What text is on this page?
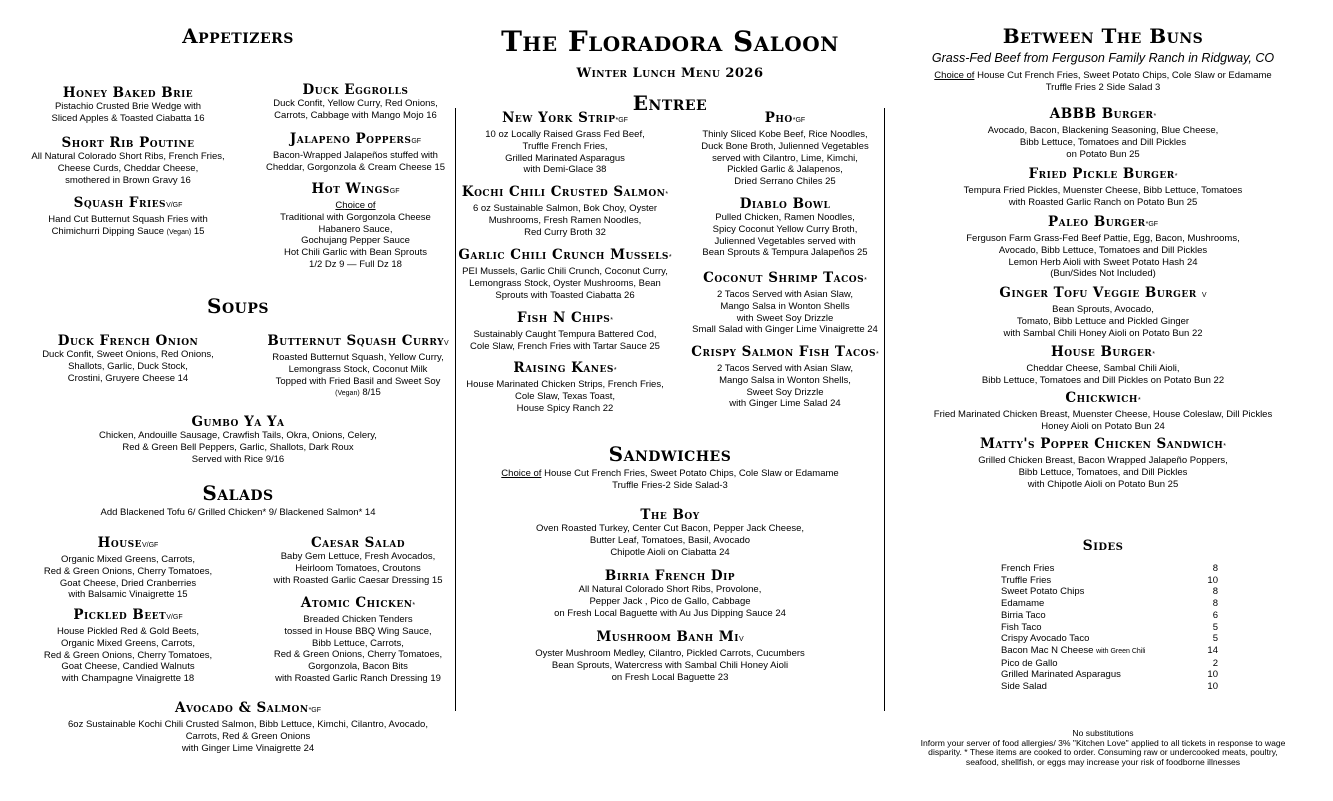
Appetizers

Honey Baked Brie

Pistachio Crusted Brie Wedge with

Sliced Apples & Toasted Ciabatta 16

Duck Eggrolls

Duck Confit, Yellow Curry, Red Onions,

Carrots, Cabbage with Mango Mojo 16

Short Rib Poutine

All Natural Colorado Short Ribs, French Fries,

Cheese Curds, Cheddar Cheese,

smothered in Brown Gravy 16

Jalapeno PoppersGF

Bacon-Wrapped Jalapeños stuffed with

Cheddar, Gorgonzola & Cream Cheese 15

Squash FriesV/GF

Hand Cut Butternut Squash Fries with

Chimichurri Dipping Sauce (Vegan) 15

Hot WingsGF

Choice of

Traditional with Gorgonzola Cheese

Habanero Sauce,

Gochujang Pepper Sauce

Hot Chili Garlic with Bean Sprouts

1/2 Dz 9 — Full Dz 18

Soups

Duck French Onion

Duck Confit, Sweet Onions, Red Onions,

Shallots, Garlic, Duck Stock,

Crostini, Gruyere Cheese 14

Butternut Squash CurryV

Roasted Butternut Squash, Yellow Curry,

Lemongrass Stock, Coconut Milk

Topped with Fried Basil and Sweet Soy

(Vegan) 8/15

Gumbo Ya Ya

Chicken, Andouille Sausage, Crawfish Tails, Okra, Onions, Celery,

Red & Green Bell Peppers, Garlic, Shallots, Dark Roux

Served with Rice 9/16

Salads

Add Blackened Tofu 6/ Grilled Chicken* 9/ Blackened Salmon* 14

HouseV/GF

Organic Mixed Greens, Carrots,

Red & Green Onions, Cherry Tomatoes,

Goat Cheese, Dried Cranberries

with Balsamic Vinaigrette 15

Caesar Salad

Baby Gem Lettuce, Fresh Avocados,

Heirloom Tomatoes, Croutons

with Roasted Garlic Caesar Dressing 15

Pickled BeetV/GF

House Pickled Red & Gold Beets,

Organic Mixed Greens, Carrots,

Red & Green Onions, Cherry Tomatoes,

Goat Cheese, Candied Walnuts

with Champagne Vinaigrette 18

Atomic Chicken*

Breaded Chicken Tenders

tossed in House BBQ Wing Sauce,

Bibb Lettuce, Carrots,

Red & Green Onions, Cherry Tomatoes,

Gorgonzola, Bacon Bits

with Roasted Garlic Ranch Dressing 19

Avocado & Salmon*GF

6oz Sustainable Kochi Chili Crusted Salmon, Bibb Lettuce, Kimchi, Cilantro, Avocado,

Carrots, Red & Green Onions

with Ginger Lime Vinaigrette 24

The Floradora Saloon
Winter Lunch Menu 2026
Entree

New York Strip*GF

10 oz Locally Raised Grass Fed Beef,

Truffle French Fries,

Grilled Marinated Asparagus

with Demi-Glace 38

Pho*GF

Thinly Sliced Kobe Beef, Rice Noodles,

Duck Bone Broth, Julienned Vegetables

served with Cilantro, Lime, Kimchi,

Pickled Garlic & Jalapenos,

Dried Serrano Chiles 25

Kochi Chili Crusted Salmon*

6 oz Sustainable Salmon, Bok Choy, Oyster

Mushrooms, Fresh Ramen Noodles,

Red Curry Broth 32

Diablo Bowl

Pulled Chicken, Ramen Noodles,

Spicy Coconut Yellow Curry Broth,

Julienned Vegetables served with

Bean Sprouts & Tempura Jalapeños 25

Garlic Chili Crunch Mussels*

PEI Mussels, Garlic Chili Crunch, Coconut Curry,

Lemongrass Stock, Oyster Mushrooms, Bean

Sprouts with Toasted Ciabatta 26

Coconut Shrimp Tacos*

2 Tacos Served with Asian Slaw,

Mango Salsa in Wonton Shells

with Sweet Soy Drizzle

Small Salad with Ginger Lime Vinaigrette 24

Fish N Chips*

Sustainably Caught Tempura Battered Cod,

Cole Slaw, French Fries with Tartar Sauce 25	Crispy Salmon Fish Tacos*

2 Tacos Served with Asian Slaw,

Mango Salsa in Wonton Shells,

Sweet Soy Drizzle

with Ginger Lime Salad 24

Raising Kanes*

House Marinated Chicken Strips, French Fries,

Cole Slaw, Texas Toast,

House Spicy Ranch 22

Sandwiches

Choice of House Cut French Fries, Sweet Potato Chips, Cole Slaw or Edamame

Truffle Fries-2 Side Salad-3

The Boy

Oven Roasted Turkey, Center Cut Bacon, Pepper Jack Cheese,

Butter Leaf, Tomatoes, Basil, Avocado

Chipotle Aioli on Ciabatta 24

Birria French Dip

All Natural Colorado Short Ribs, Provolone,

Pepper Jack , Pico de Gallo, Cabbage

on Fresh Local Baguette with Au Jus Dipping Sauce 24

Mushroom Banh MiV

Oyster Mushroom Medley, Cilantro, Pickled Carrots, Cucumbers

Bean Sprouts, Watercress with Sambal Chili Honey Aioli

on Fresh Local Baguette 23

Between The Buns
Grass-Fed Beef from Ferguson Family Ranch in Ridgway, CO

Choice of House Cut French Fries, Sweet Potato Chips, Cole Slaw or Edamame

Truffle Fries 2 Side Salad 3

ABBB Burger*

Avocado, Bacon, Blackening Seasoning, Blue Cheese,

Bibb Lettuce, Tomatoes and Dill Pickles

on Potato Bun 25

Fried Pickle Burger*

Tempura Fried Pickles, Muenster Cheese, Bibb Lettuce, Tomatoes

with Roasted Garlic Ranch on Potato Bun 25

Paleo Burger*GF

Ferguson Farm Grass-Fed Beef Pattie, Egg, Bacon, Mushrooms,

Avocado, Bibb Lettuce, Tomatoes and Dill Pickles

Lemon Herb Aioli with Sweet Potato Hash 24

(Bun/Sides Not Included)

Ginger Tofu Veggie Burger V

Bean Sprouts, Avocado,

Tomato, Bibb Lettuce and Pickled Ginger

with Sambal Chili Honey Aioli on Potato Bun 22

House Burger*

Cheddar Cheese, Sambal Chili Aioli,

Bibb Lettuce, Tomatoes and Dill Pickles on Potato Bun 22

Chickwich*

Fried Marinated Chicken Breast, Muenster Cheese, House Coleslaw, Dill Pickles

Honey Aioli on Potato Bun 24

Matty's Popper Chicken Sandwich*

Grilled Chicken Breast, Bacon Wrapped Jalapeño Poppers,

Bibb Lettuce, Tomatoes, and Dill Pickles

with Chipotle Aioli on Potato Bun 25

Sides
French Fries	8
Truffle Fries	10
Sweet Potato Chips	8
Edamame	8
Birria Taco	6
Fish Taco	5
Crispy Avocado Taco	5
Bacon Mac N Cheese with Green Chili	14
Pico de Gallo	2
Grilled Marinated Asparagus	10
Side Salad	10
No substitutions
Inform your server of food allergies/ 3% "Kitchen Love" applied to all tickets in response to wage
disparity. * These items are cooked to order. Consuming raw or undercooked meats, poultry,
seafood, shellfish, or eggs may increase your risk of foodborne illnesses
